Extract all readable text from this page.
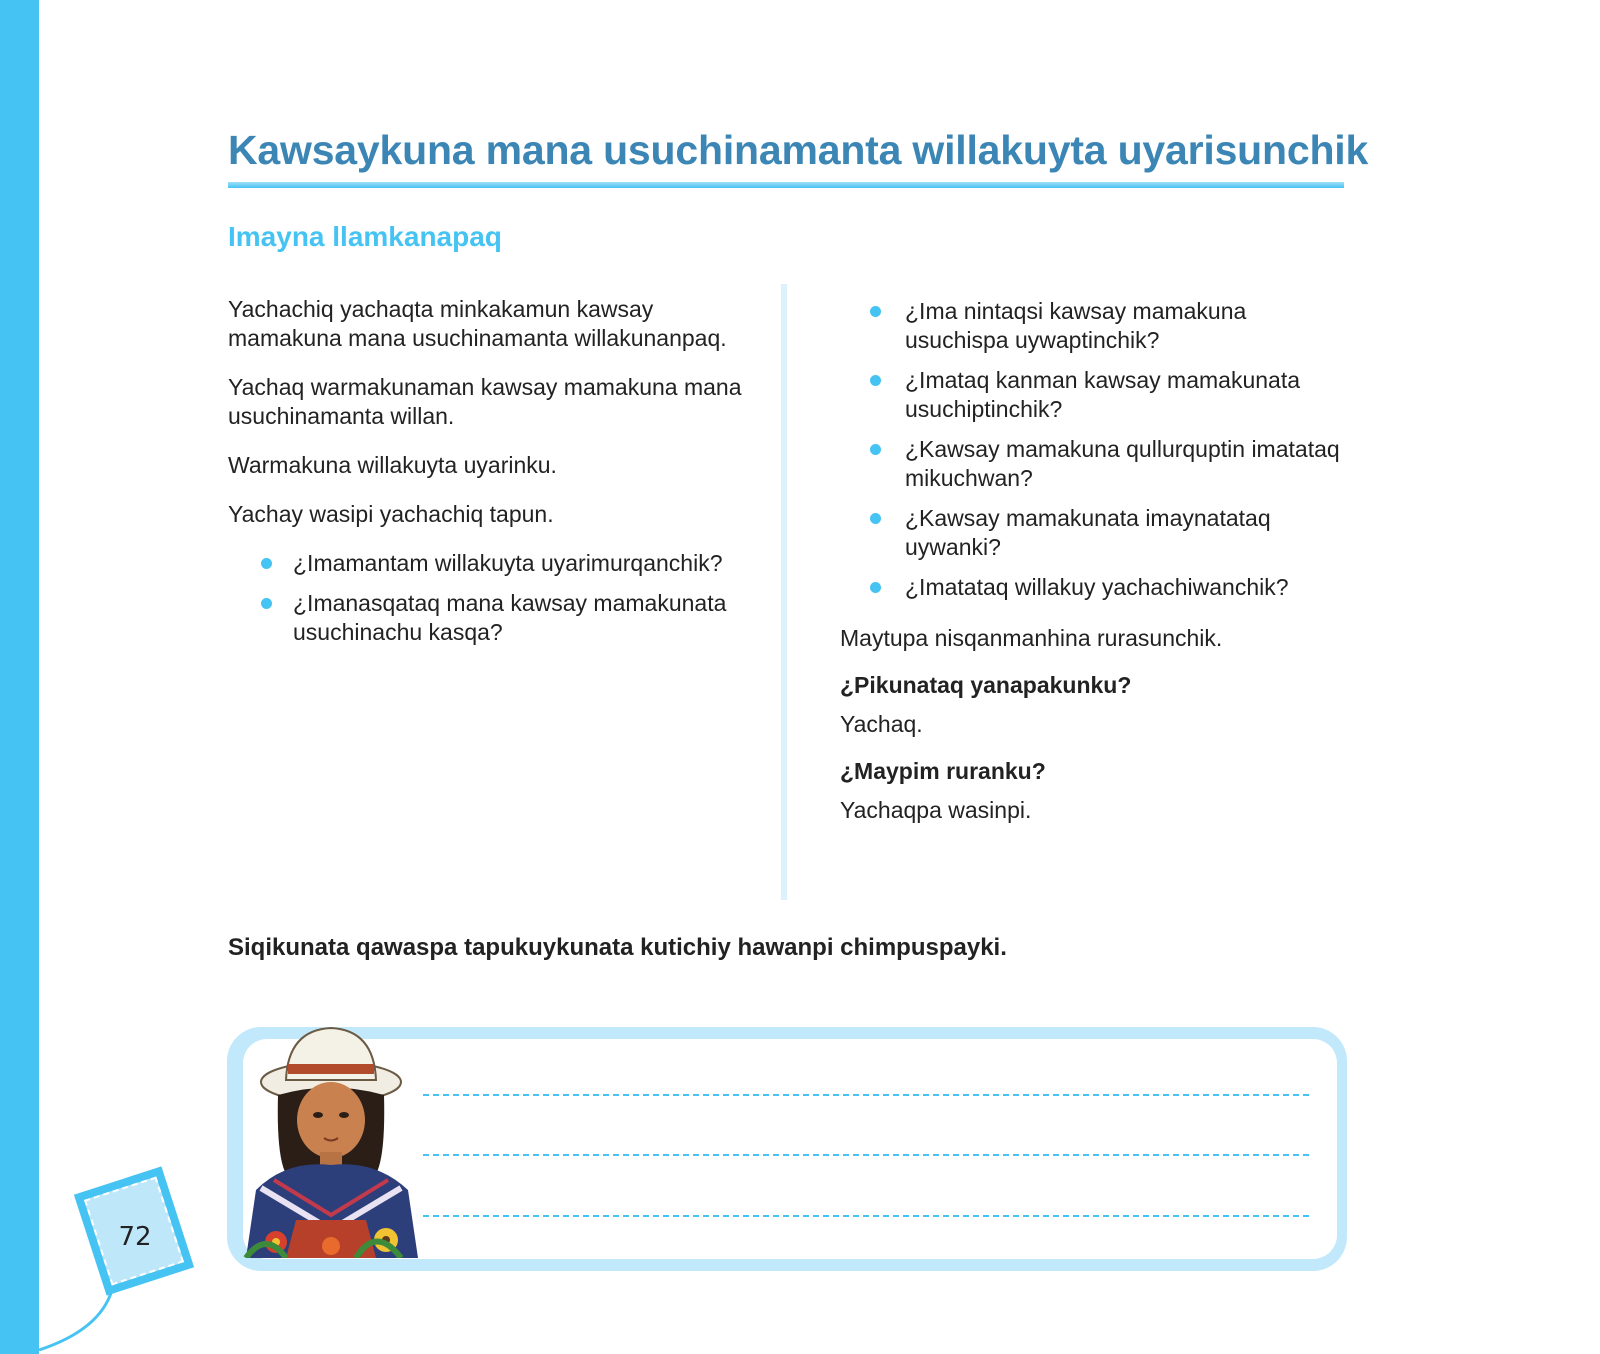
Kawsaykuna mana usuchinamanta willakuyta uyarisunchik
Imayna llamkanapaq

Yachachiq yachaqta minkakamun kawsay mamakuna mana usuchinamanta willakunanpaq.

Yachaq warmakunaman kawsay mamakuna mana usuchinamanta willan.

Warmakuna willakuyta uyarinku.

Yachay wasipi yachachiq tapun.

¿Imamantam willakuyta uyarimurqanchik?
¿Imanasqataq mana kawsay mamakunata usuchinachu kasqa?
¿Ima nintaqsi kawsay mamakuna usuchispa uywaptinchik?
¿Imataq kanman kawsay mamakunata usuchiptinchik?
¿Kawsay mamakuna qullurquptin imatataq mikuchwan?
¿Kawsay mamakunata imaynatataq uywanki?
¿Imatataq willakuy yachachiwanchik?

Maytupa nisqanmanhina rurasunchik.

¿Pikunataq yanapakunku?

Yachaq.

¿Maypim ruranku?

Yachaqpa wasinpi.

Siqikunata qawaspa tapukuykunata kutichiy hawanpi chimpuspayki.

72
